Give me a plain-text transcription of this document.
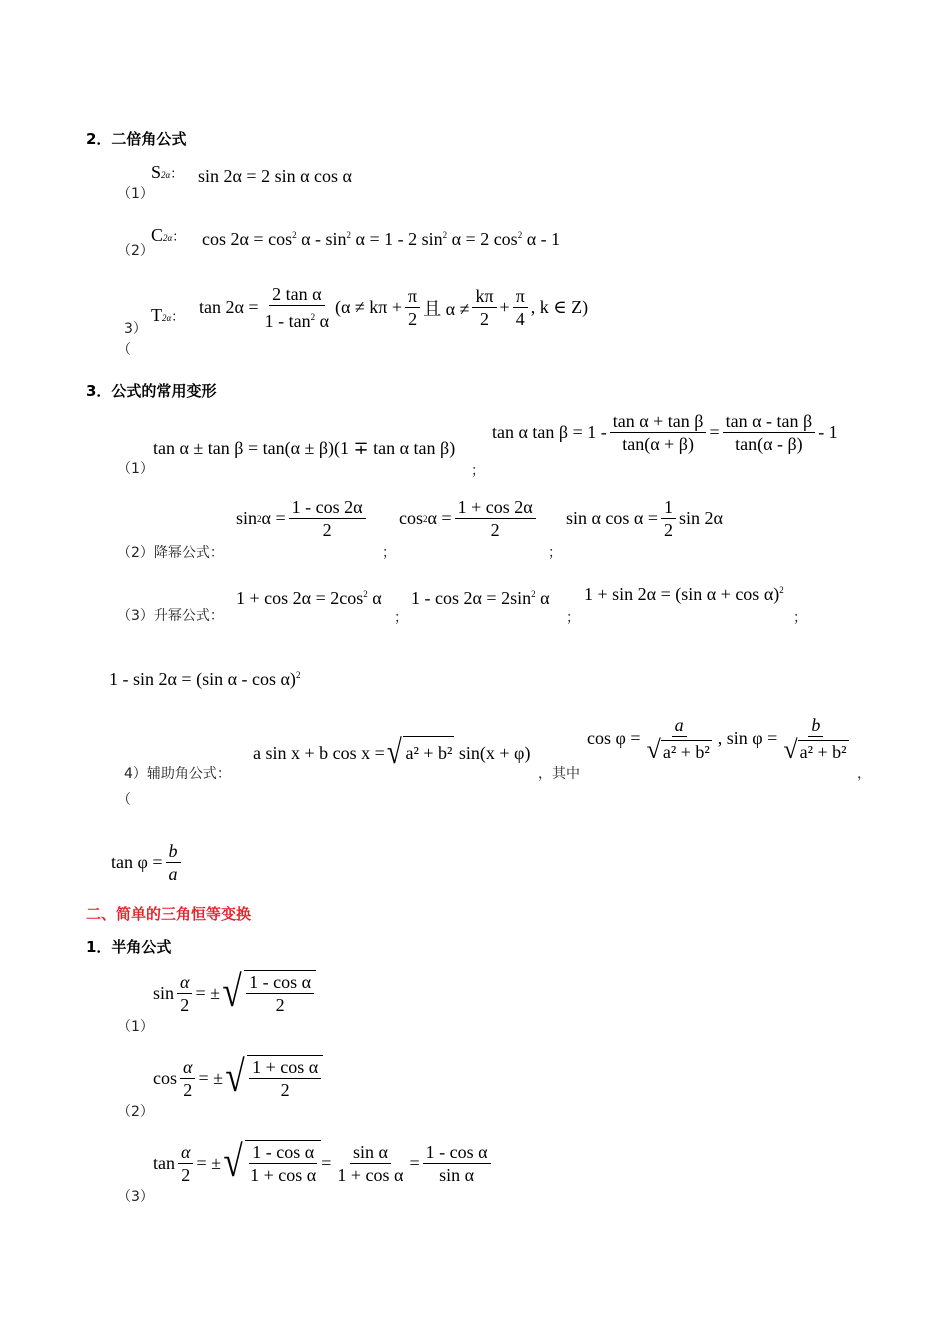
2．二倍角公式
（1）
S2α： sin 2α = 2 sin α cos α
（2）
C2α： $\cos 2\alpha = \cos^2 \alpha - \sin^2 \alpha = 1 - 2$ $\sin^2 \alpha = 2$ $\cos^2 \alpha - 1$
3）
（
T2α： $\tan 2\alpha = \frac{\text{2 tan α}}{1 - \tan^2 \alpha} (\alpha \ne k\pi + \frac{\pi}{2}$ 且 $\alpha \ne \frac{k\pi}{2} + \frac{\pi}{4}$ , k ∈ Z)
3．公式的常用变形
（1）
tan α ± tan β = tan(α ± β)(1 ∓ tan α tan β)
；
tan α $\tan \beta = 1 - \frac{\text{tan α + tan β}}{\tan(\alpha + \beta)} = \frac{\text{tan α - tan β}}{\tan(\alpha - \beta)} - 1$
（2）降幂公式：
sin 2 $\alpha = \frac{1 - \cos 2\alpha}{2}$
；
cos 2 $\alpha = \frac{1 + \cos 2\alpha}{2}$
；
sin α $\cos \alpha = \frac{1}{2}$ sin 2α
（3）升幂公式：
$1 + \cos 2\alpha = 2\cos^2$ α
；
$1 - \cos 2\alpha = 2\sin^2$ α
；
1 + sin 2α = (sin α + cos α)$^2$
；
1 - sin 2α = (sin α - cos α)$^2$
4）辅助角公式：
（
a sin x + b cos x = √ a² + b²
sin(x + φ)
，其中
$\cos \varphi = \frac{a}{\text{√ a² + b²}}$ , $\sin \varphi = \frac{b}{\text{√ a² + b²}}$
，
$\tan \varphi = \frac{b}{a}$
二、简单的三角恒等变换
1．半角公式
（1）
$\sin \frac{\alpha}{2}$ = ± √ $\frac{\text{1 - cos α}}{2}$
（2）
$\cos \frac{\alpha}{2}$ = ± √ $\frac{\text{1 + cos α}}{2}$
（3）
$\tan \frac{\alpha}{2}$ = ± √ $\frac{\text{1 - cos α}}{\text{1 + cos α}} = \frac{\text{sin α}}{\text{1 + cos α}} = \frac{\text{1 - cos α}}{\text{sin α}}$
